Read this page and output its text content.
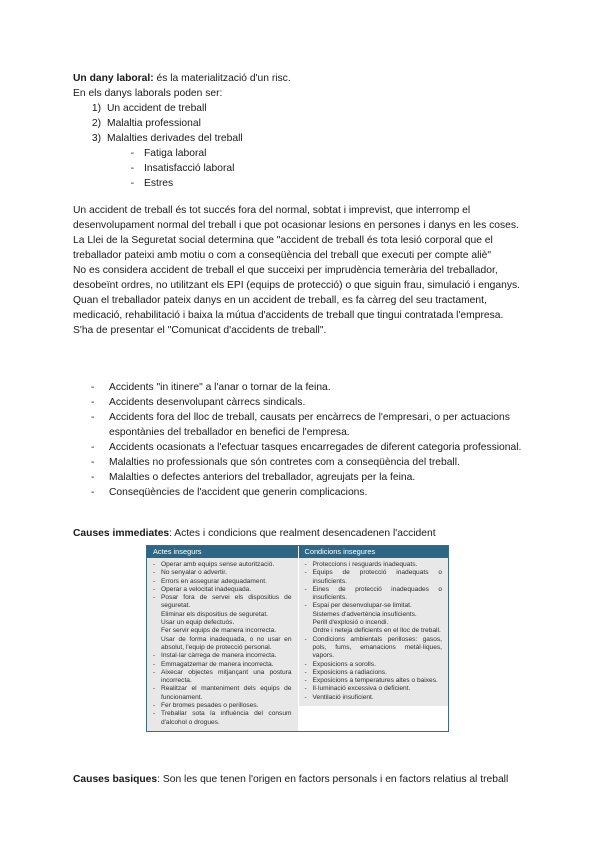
Un dany laboral: és la materialització d'un risc.
En els danys laborals poden ser:
1) Un accident de treball
2) Malaltia professional
3) Malalties derivades del treball
- Fatiga laboral
- Insatisfacció laboral
- Estres
Un accident de treball és tot succés fora del normal, sobtat i imprevist, que interromp el desenvolupament normal del treball i que pot ocasionar lesions en persones i danys en les coses.
La Llei de la Seguretat social determina que "accident de treball és tota lesió corporal que el treballador pateixi amb motiu o com a conseqüència del treball que executi per compte aliè"
No es considera accident de treball el que succeixi per imprudència temerària del treballador, desobeïnt ordres, no utilitzant els EPI (equips de protecció) o que siguin frau, simulació i enganys.
Quan el treballador pateix danys en un accident de treball, es fa càrreg del seu tractament, medicació, rehabilitació i baixa la mútua d'accidents de treball que tingui contratada l'empresa. S'ha de presentar el "Comunicat d'accidents de treball".
-	Accidents "in itinere" a l'anar o tornar de la feina.
-	Accidents desenvolupant càrrecs sindicals.
-	Accidents fora del lloc de treball, causats per encàrrecs de l'empresari, o per actuacions espontànies del treballador en benefici de l'empresa.
-	Accidents ocasionats a l'efectuar tasques encarregades de diferent categoria professional.
-	Malalties no professionals que són contretes com a conseqüència del treball.
-	Malalties o defectes anteriors del treballador, agreujats per la feina.
-	Conseqüències de l'accident que generin complicacions.
Causes immediates: Actes i condicions que realment desencadenen l'accident
Actes insegurs
- Operar amb equips sense autorització.
- No senyalar o advertir.
- Errors en assegurar adequadament.
- Operar a velocitat inadequada.
- Posar fora de servei els dispositius de seguretat.
Eliminar els dispositius de seguretat.
Usar un equip defectuós.
Fer servir equips de manera incorrecta.
Usar de forma inadequada, o no usar en absolut, l'equip de protecció personal.
- Instal·lar càrrega de manera incorrecta.
- Emmagatzemar de manera incorrecta.
- Aixecar objectes mitjançant una postura incorrecta.
- Realitzar el manteniment dels equips de funcionament.
- Fer bromes pesades o perilloses.
- Treballar sota la influència del consum d'alcohol o drogues.
Condicions insegures
- Proteccions i resguards inadequats.
- Equips de protecció inadequats o insuficients.
- Eines de protecció inadequades o insuficients.
- Espai per desenvolupar-se limitat.
Sistemes d'advertència insuficients.
Perill d'explosió o incendi.
Ordre i neteja deficients en el lloc de treball.
- Condicions ambientals perilloses: gasos, pols, fums, emanacions metàl·liques, vapors.
- Exposicions a sorolls.
- Exposicions a radiacions.
- Exposicions a temperatures altes o baixes.
- Il·luminació excessiva o deficient.
- Ventilació insuficient.
Causes basiques: Son les que tenen l'origen en factors personals i en factors relatius al treball
